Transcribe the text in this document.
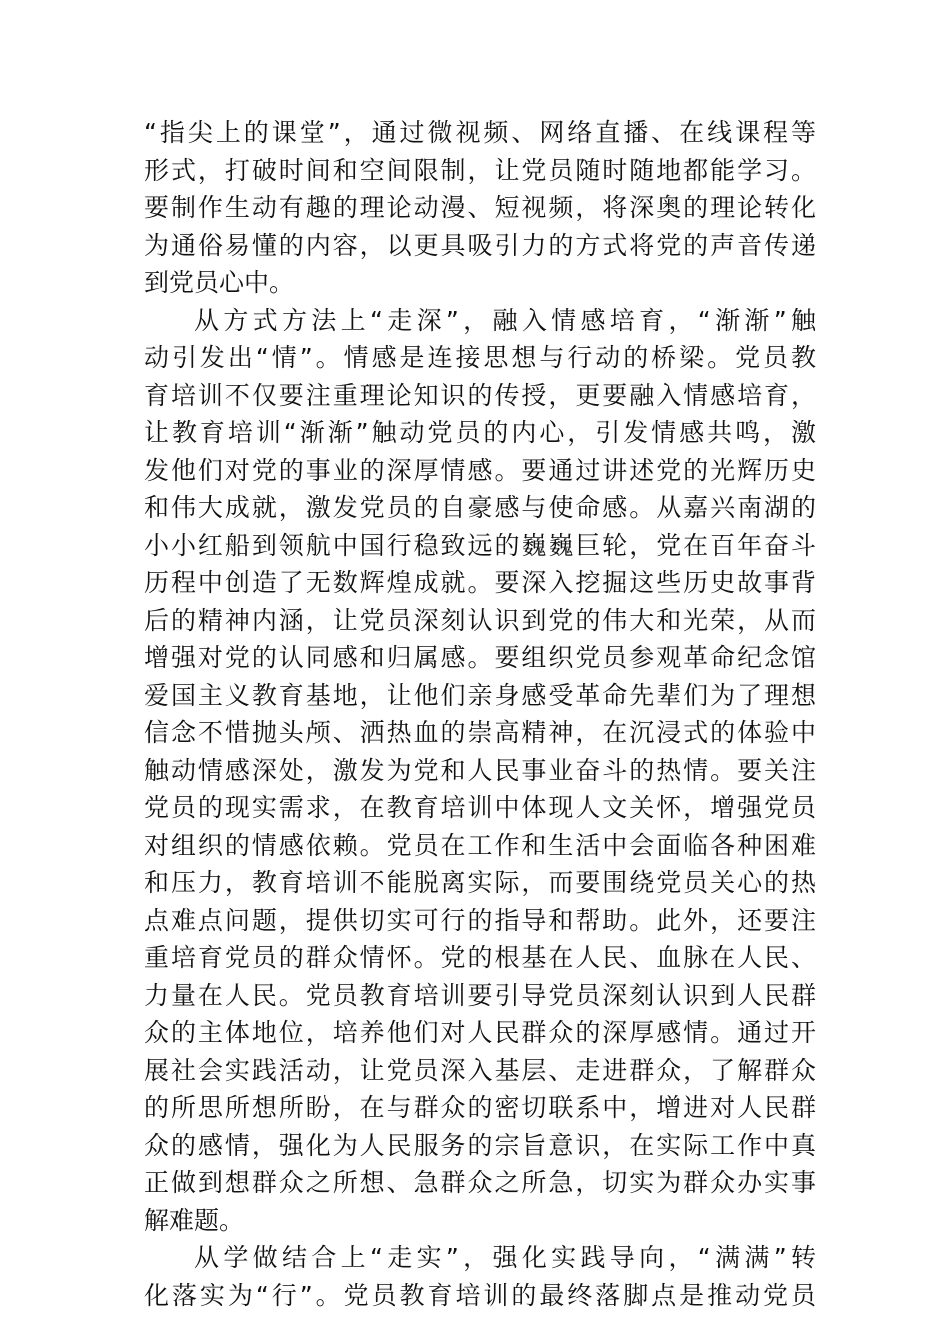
“指尖上的课堂”，通过微视频、网络直播、在线课程等
形式，打破时间和空间限制，让党员随时随地都能学习。
要制作生动有趣的理论动漫、短视频，将深奥的理论转化
为通俗易懂的内容，以更具吸引力的方式将党的声音传递
到党员心中。
从方式方法上“走深”，融入情感培育，“渐渐”触
动引发出“情”。情感是连接思想与行动的桥梁。党员教
育培训不仅要注重理论知识的传授，更要融入情感培育，
让教育培训“渐渐”触动党员的内心，引发情感共鸣，激
发他们对党的事业的深厚情感。要通过讲述党的光辉历史
和伟大成就，激发党员的自豪感与使命感。从嘉兴南湖的
小小红船到领航中国行稳致远的巍巍巨轮，党在百年奋斗
历程中创造了无数辉煌成就。要深入挖掘这些历史故事背
后的精神内涵，让党员深刻认识到党的伟大和光荣，从而
增强对党的认同感和归属感。要组织党员参观革命纪念馆
爱国主义教育基地，让他们亲身感受革命先辈们为了理想
信念不惜抛头颅、洒热血的崇高精神，在沉浸式的体验中
触动情感深处，激发为党和人民事业奋斗的热情。要关注
党员的现实需求，在教育培训中体现人文关怀，增强党员
对组织的情感依赖。党员在工作和生活中会面临各种困难
和压力，教育培训不能脱离实际，而要围绕党员关心的热
点难点问题，提供切实可行的指导和帮助。此外，还要注
重培育党员的群众情怀。党的根基在人民、血脉在人民、
力量在人民。党员教育培训要引导党员深刻认识到人民群
众的主体地位，培养他们对人民群众的深厚感情。通过开
展社会实践活动，让党员深入基层、走进群众，了解群众
的所思所想所盼，在与群众的密切联系中，增进对人民群
众的感情，强化为人民服务的宗旨意识，在实际工作中真
正做到想群众之所想、急群众之所急，切实为群众办实事
解难题。
从学做结合上“走实”，强化实践导向，“满满”转
化落实为“行”。党员教育培训的最终落脚点是推动党员
